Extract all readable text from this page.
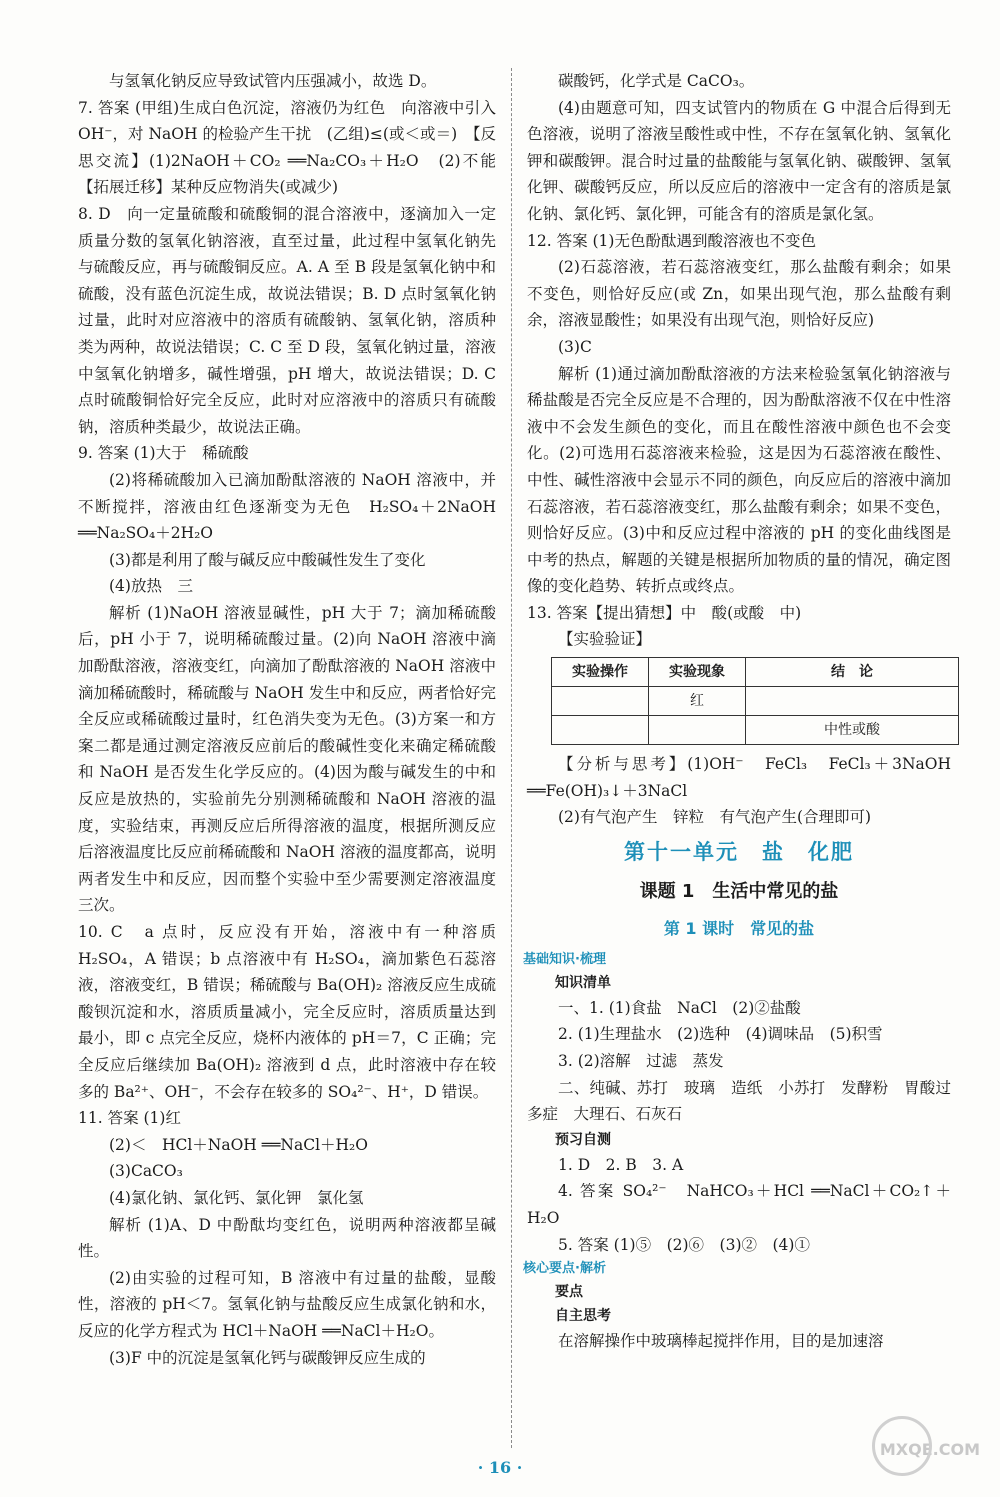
与氢氧化钠反应导致试管内压强减小，故选 D。

7. 答案 (甲组)生成白色沉淀，溶液仍为红色　向溶液中引入 OH⁻，对 NaOH 的检验产生干扰　(乙组)≤(或＜或＝)　【反思交流】(1)2NaOH＋CO₂ ══Na₂CO₃＋H₂O　(2)不能　【拓展迁移】某种反应物消失(或减少)

8. D　向一定量硫酸和硫酸铜的混合溶液中，逐滴加入一定质量分数的氢氧化钠溶液，直至过量，此过程中氢氧化钠先与硫酸反应，再与硫酸铜反应。A. A 至 B 段是氢氧化钠中和硫酸，没有蓝色沉淀生成，故说法错误；B. D 点时氢氧化钠过量，此时对应溶液中的溶质有硫酸钠、氢氧化钠，溶质种类为两种，故说法错误；C. C 至 D 段，氢氧化钠过量，溶液中氢氧化钠增多，碱性增强，pH 增大，故说法错误；D. C 点时硫酸铜恰好完全反应，此时对应溶液中的溶质只有硫酸钠，溶质种类最少，故说法正确。

9. 答案 (1)大于　稀硫酸

(2)将稀硫酸加入已滴加酚酞溶液的 NaOH 溶液中，并不断搅拌，溶液由红色逐渐变为无色　H₂SO₄＋2NaOH ══Na₂SO₄＋2H₂O

(3)都是利用了酸与碱反应中酸碱性发生了变化

(4)放热　三

解析 (1)NaOH 溶液显碱性，pH 大于 7；滴加稀硫酸后，pH 小于 7，说明稀硫酸过量。(2)向 NaOH 溶液中滴加酚酞溶液，溶液变红，向滴加了酚酞溶液的 NaOH 溶液中滴加稀硫酸时，稀硫酸与 NaOH 发生中和反应，两者恰好完全反应或稀硫酸过量时，红色消失变为无色。(3)方案一和方案二都是通过测定溶液反应前后的酸碱性变化来确定稀硫酸和 NaOH 是否发生化学反应的。(4)因为酸与碱发生的中和反应是放热的，实验前先分别测稀硫酸和 NaOH 溶液的温度，实验结束，再测反应后所得溶液的温度，根据所测反应后溶液温度比反应前稀硫酸和 NaOH 溶液的温度都高，说明两者发生中和反应，因而整个实验中至少需要测定溶液温度三次。

10. C　a 点时，反应没有开始，溶液中有一种溶质 H₂SO₄，A 错误；b 点溶液中有 H₂SO₄，滴加紫色石蕊溶液，溶液变红，B 错误；稀硫酸与 Ba(OH)₂ 溶液反应生成硫酸钡沉淀和水，溶质质量减小，完全反应时，溶质质量达到最小，即 c 点完全反应，烧杯内液体的 pH＝7，C 正确；完全反应后继续加 Ba(OH)₂ 溶液到 d 点，此时溶液中存在较多的 Ba²⁺、OH⁻，不会存在较多的 SO₄²⁻、H⁺，D 错误。

11. 答案 (1)红

(2)＜　HCl＋NaOH ══NaCl＋H₂O

(3)CaCO₃

(4)氯化钠、氯化钙、氯化钾　氯化氢

解析 (1)A、D 中酚酞均变红色，说明两种溶液都呈碱性。

(2)由实验的过程可知，B 溶液中有过量的盐酸，显酸性，溶液的 pH＜7。氢氧化钠与盐酸反应生成氯化钠和水，反应的化学方程式为 HCl＋NaOH ══NaCl＋H₂O。

(3)F 中的沉淀是氢氧化钙与碳酸钾反应生成的

碳酸钙，化学式是 CaCO₃。

(4)由题意可知，四支试管内的物质在 G 中混合后得到无色溶液，说明了溶液呈酸性或中性，不存在氢氧化钠、氢氧化钾和碳酸钾。混合时过量的盐酸能与氢氧化钠、碳酸钾、氢氧化钾、碳酸钙反应，所以反应后的溶液中一定含有的溶质是氯化钠、氯化钙、氯化钾，可能含有的溶质是氯化氢。

12. 答案 (1)无色酚酞遇到酸溶液也不变色

(2)石蕊溶液，若石蕊溶液变红，那么盐酸有剩余；如果不变色，则恰好反应(或 Zn，如果出现气泡，那么盐酸有剩余，溶液显酸性；如果没有出现气泡，则恰好反应)

(3)C

解析 (1)通过滴加酚酞溶液的方法来检验氢氧化钠溶液与稀盐酸是否完全反应是不合理的，因为酚酞溶液不仅在中性溶液中不会发生颜色的变化，而且在酸性溶液中颜色也不会变化。(2)可选用石蕊溶液来检验，这是因为石蕊溶液在酸性、中性、碱性溶液中会显示不同的颜色，向反应后的溶液中滴加石蕊溶液，若石蕊溶液变红，那么盐酸有剩余；如果不变色，则恰好反应。(3)中和反应过程中溶液的 pH 的变化曲线图是中考的热点，解题的关键是根据所加物质的量的情况，确定图像的变化趋势、转折点或终点。

13. 答案【提出猜想】中　酸(或酸　中)

【实验验证】

实验操作	实验现象	结　论
	红	
		中性或酸

【分析与思考】(1)OH⁻　FeCl₃　FeCl₃＋3NaOH ══Fe(OH)₃↓＋3NaCl

(2)有气泡产生　锌粒　有气泡产生(合理即可)

第十一单元　盐　化肥
课题 1　生活中常见的盐
第 1 课时　常见的盐
基础知识·梳理
知识清单

一、1. (1)食盐　NaCl　(2)②盐酸

2. (1)生理盐水　(2)选种　(4)调味品　(5)积雪

3. (2)溶解　过滤　蒸发

二、纯碱、苏打　玻璃　造纸　小苏打　发酵粉　胃酸过多症　大理石、石灰石

预习自测

1. D　2. B　3. A

4. 答案 SO₄²⁻　NaHCO₃＋HCl ══NaCl＋CO₂↑＋H₂O

5. 答案 (1)⑤　(2)⑥　(3)②　(4)①

核心要点·解析
要点
自主思考

在溶解操作中玻璃棒起搅拌作用，目的是加速溶

· 16 ·
MXQE.COM
